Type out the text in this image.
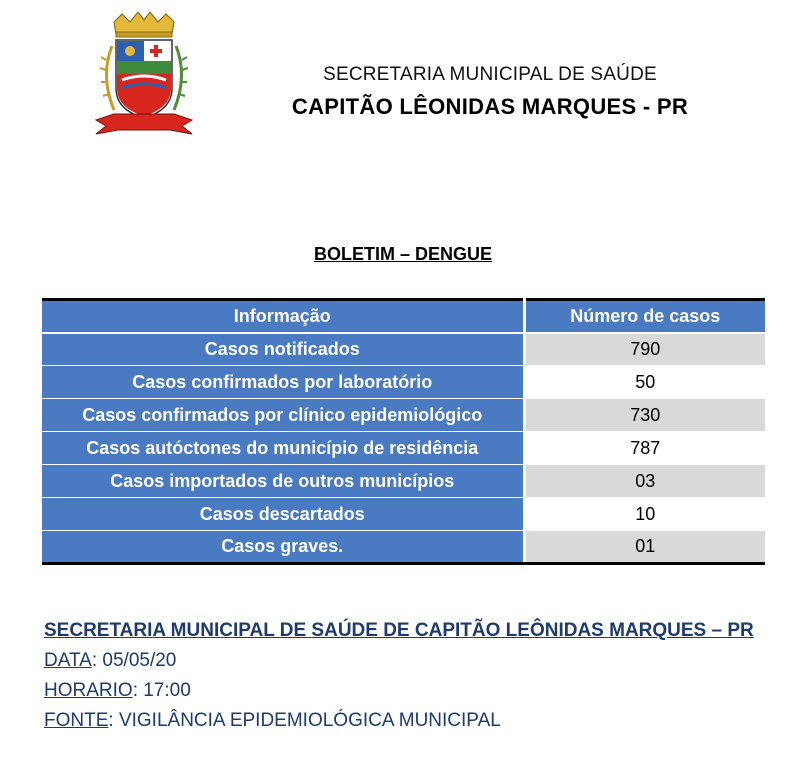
SECRETARIA MUNICIPAL DE SAÚDE
CAPITÃO LÊONIDAS MARQUES - PR
BOLETIM – DENGUE
Informação	Número de casos
Casos notificados	790
Casos confirmados por laboratório	50
Casos confirmados por clínico epidemiológico	730
Casos autóctones do município de residência	787
Casos importados de outros municípios	03
Casos descartados	10
Casos graves.	01
SECRETARIA MUNICIPAL DE SAÚDE DE CAPITÃO LEÔNIDAS MARQUES – PR
DATA: 05/05/20
HORARIO: 17:00
FONTE: VIGILÂNCIA EPIDEMIOLÓGICA MUNICIPAL
